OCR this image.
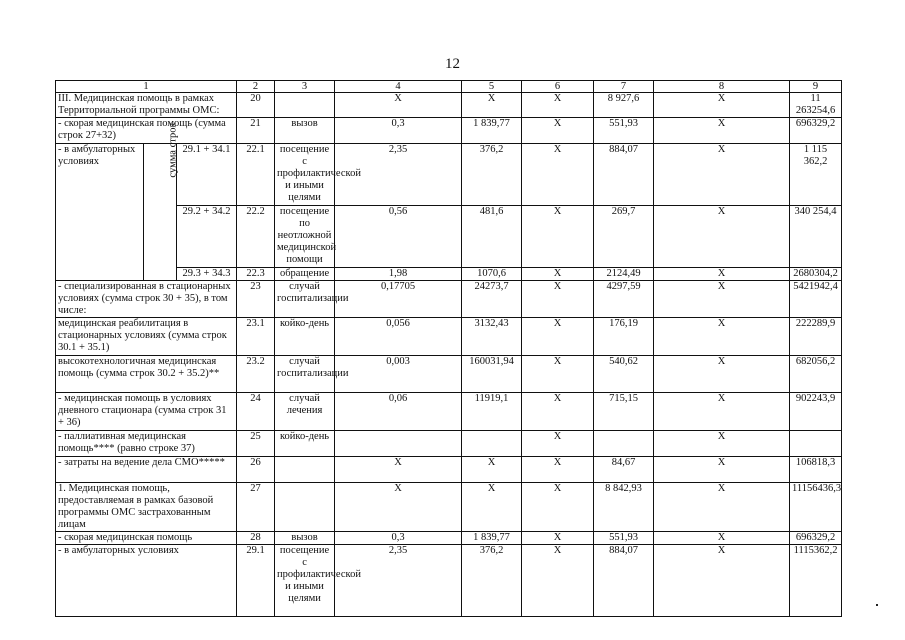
12
1			2	3	4	5	6	7	8	9	
III. Медицинская помощь в рамках Территориальной программы ОМС:			20		Х	Х	Х	8 927,6	Х	11 263254,6	
- скорая медицинская помощь (сумма строк 27+32)			21	вызов	0,3	1 839,77	Х	551,93	Х	696329,2	
- в амбулаторных условиях	сумма строк	29.1 + 34.1	22.1	посещение с профилактической и иными целями	2,35	376,2	Х	884,07	Х	1 115 362,2	
		29.2 + 34.2	22.2	посещение по неотложной медицинской помощи	0,56	481,6	Х	269,7	Х	340 254,4	
		29.3 + 34.3	22.3	обращение	1,98	1070,6	Х	2124,49	Х	2680304,2	
- специализированная в стационарных условиях (сумма строк 30 + 35), в том числе:			23	случай госпитализации	0,17705	24273,7	Х	4297,59	Х	5421942,4	
медицинская реабилитация в стационарных условиях (сумма строк 30.1 + 35.1)			23.1	койко-день	0,056	3132,43	Х	176,19	Х	222289,9	
высокотехнологичная медицинская помощь (сумма строк 30.2 + 35.2)**			23.2	случай госпитализации	0,003	160031,94	Х	540,62	Х	682056,2	
- медицинская помощь в условиях дневного стационара (сумма строк 31 + 36)			24	случай лечения	0,06	11919,1	Х	715,15	Х	902243,9	
- паллиативная медицинская помощь**** (равно строке 37)			25	койко-день			Х		Х		
- затраты на ведение дела СМО*****			26		Х	Х	Х	84,67	Х	106818,3	
1. Медицинская помощь, предоставляемая в рамках базовой программы ОМС застрахованным лицам			27		Х	Х	Х	8 842,93	Х	11156436,3	
- скорая медицинская помощь			28	вызов	0,3	1 839,77	Х	551,93	Х	696329,2	
- в амбулаторных условиях			29.1	посещение с профилактической и иными целями	2,35	376,2	Х	884,07	Х	1115362,2	
